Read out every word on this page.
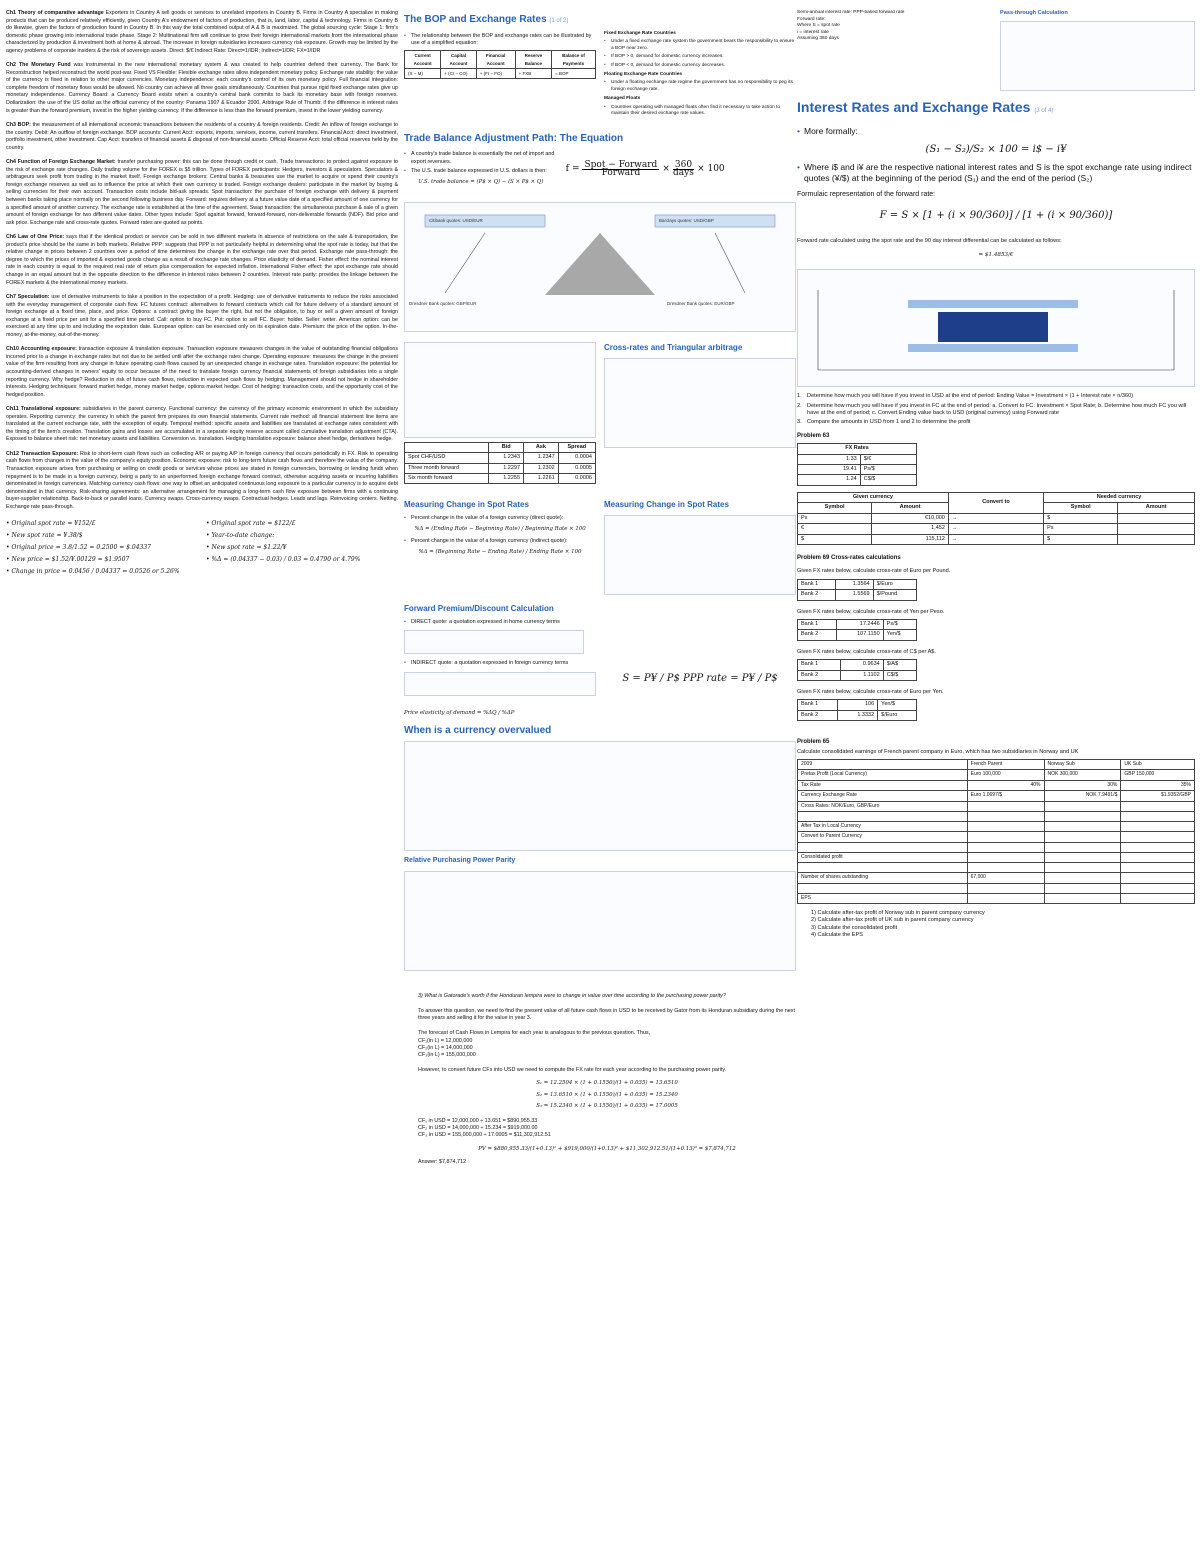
Ch1 Theory of comparative advantage Exporters in Country A sell goods or services to unrelated importers in Country B. Firms in Country A specialize in making products that can be produced relatively efficiently, given Country A's endowment of factors of production, that is, land, labor, capital & technology. Firms in Country B do likewise, given the factors of production found in Country B. In this way the total combined output of A & B is maximized. The global sourcing cycle: Stage 1: firm's domestic phase growing into international trade phase. Stage 2: Multinational firm will continue to grow their foreign international markets from the international phase characterized by production & investment both at home & abroad. The increase in foreign subsidiaries increases currency risk exposure. Growth may be limited by the agency problems of corporate insiders & the risk of sovereign assets. Direct: $/€ Indirect Rate: Direct=1/IDR; Indirect=1/DR; FX=1/IDR
Ch2 The Monetary Fund was instrumental in the new international monetary system & was created to help countries defend their currency. The Bank for Reconstruction helped reconstruct the world post-war. Fixed VS Flexible: Flexible exchange rates allow independent monetary policy. Exchange rate stability: the value of the currency is fixed in relation to other major currencies. Monetary independence: each country's control of its own monetary policy. Full financial integration: complete freedom of monetary flows would be allowed. No country can achieve all three goals simultaneously. Countries that pursue rigid fixed exchange rates give up monetary independence. Currency Board: a Currency Board exists when a country's central bank commits to back its monetary base with foreign reserves. Dollarization: the use of the US dollar as the official currency of the country: Panama 1907 & Ecuador 2000. Arbitrage Rule of Thumb: if the difference in interest rates is greater than the forward premium, invest in the higher yielding currency. If the difference is less than the forward premium, invest in the lower yielding currency.
Ch3 BOP: the measurement of all international economic transactions between the residents of a country & foreign residents. Credit: An inflow of foreign exchange to the country. Debit: An outflow of foreign exchange. BOP accounts: Current Acct: exports, imports, services, income, current transfers. Financial Acct: direct investment, portfolio investment, other investment. Cap Acct: transfers of financial assets & disposal of non-financial assets. Official Reserve Acct: total official reserves held by the country.
Ch4 Function of Foreign Exchange Market: transfer purchasing power: this can be done through credit or cash. Trade transactions: to protect against exposure to the risk of exchange rate changes. Daily trading volume for the FOREX is $5 trillion. Types of FOREX participants: Hedgers, investors & speculators. Speculators & arbitrageurs seek profit from trading in the market itself. Foreign exchange brokers: Central banks & treasuries use the market to acquire or spend their country's foreign exchange reserves as well as to influence the price at which their own currency is traded. Foreign exchange dealers: participate in the market by buying & selling currencies for their own account. Transaction costs include bid-ask spreads. Spot transaction: the purchase of foreign exchange with delivery & payment between banks taking place normally on the second following business day. Forward: requires delivery at a future value date of a specified amount of one currency for a specified amount of another currency. The exchange rate is established at the time of the agreement. Swap transaction: the simultaneous purchase & sale of a given amount of foreign exchange for two different value dates. Other types include: Spot against forward, forward-forward, non-deliverable forwards (NDF). Bid price and ask price. Exchange rate and cross-rate quotes. Forward rates are quoted as points.
Ch6 Law of One Price: says that if the identical product or service can be sold in two different markets in absence of restrictions on the sale & transportation, the product's price should be the same in both markets. Relative PPP: suggests that PPP is not particularly helpful in determining what the spot rate is today, but that the relative change in prices between 2 countries over a period of time determines the change in the exchange rate over that period. Exchange rate pass-through: the degree to which the prices of imported & exported goods change as a result of exchange rate changes. Price elasticity of demand. Fisher effect: the nominal interest rate in each country is equal to the required real rate of return plus compensation for expected inflation. International Fisher effect: the spot exchange rate should change in an equal amount but in the opposite direction to the difference in interest rates between 2 countries. Interest rate parity: provides the linkage between the FOREX markets & the international money markets.
Ch7 Speculation: use of derivative instruments to take a position in the expectation of a profit. Hedging: use of derivative instruments to reduce the risks associated with the everyday management of corporate cash flow. FC futures contract: alternatives to forward contracts which call for future delivery of a standard amount of foreign exchange at a fixed time, place, and price. Options: a contract giving the buyer the right, but not the obligation, to buy or sell a given amount of foreign exchange at a fixed price per unit for a specified time period. Call: option to buy FC. Put: option to sell FC. Buyer: holder. Seller: writer. American option: can be exercised at any time up to and including the expiration date. European option: can be exercised only on its expiration date. Premium: the price of the option. In-the-money, at-the-money, out-of-the-money.
Ch10 Accounting exposure: transaction exposure & translation exposure. Transaction exposure measures changes in the value of outstanding financial obligations incurred prior to a change in exchange rates but not due to be settled until after the exchange rates change. Operating exposure: measures the change in the present value of the firm resulting from any change in future operating cash flows caused by an unexpected change in exchange rates. Translation exposure: the potential for accounting-derived changes in owners' equity to occur because of the need to translate foreign currency financial statements of foreign subsidiaries into a single reporting currency. Why hedge? Reduction in risk of future cash flows, reduction in expected cash flows by hedging. Management should not hedge in shareholder interests. Hedging techniques: forward market hedge, money market hedge, options market hedge. Cost of hedging: transaction costs, and the opportunity cost of the hedged position.
Ch11 Translational exposure: subsidiaries in the parent currency. Functional currency: the currency of the primary economic environment in which the subsidiary operates. Reporting currency: the currency in which the parent firm prepares its own financial statements. Current rate method: all financial statement line items are translated at the current exchange rate, with the exception of equity. Temporal method: specific assets and liabilities are translated at exchange rates consistent with the timing of the item's creation. Translation gains and losses are accumulated in a separate equity reserve account called cumulative translation adjustment (CTA). Exposed to balance sheet risk: net monetary assets and liabilities. Conversion vs. translation. Hedging translation exposure: balance sheet hedge, derivatives hedge.
Ch12 Transaction Exposure: Risk to short-term cash flows such as collecting A/R or paying A/P in foreign currency that occurs periodically in FX. Risk to operating cash flows from changes in the value of the company's equity position. Economic exposure: risk to long-term future cash flows and therefore the value of the company. Transaction exposure arises from purchasing or selling on credit goods or services whose prices are stated in foreign currencies, borrowing or lending funds when repayment is to be made in a foreign currency, being a party to an unperformed foreign exchange forward contract, otherwise acquiring assets or incurring liabilities denominated in foreign currencies. Matching currency cash flows: one way to offset an anticipated continuous long exposure to a particular currency is to acquire debt denominated in that currency. Risk-sharing agreements: an alternative arrangement for managing a long-term cash flow exposure between firms with a continuing buyer-supplier relationship. Back-to-back or parallel loans. Currency swaps. Cross-currency swaps. Contractual hedges. Leads and lags. Reinvoicing centers. Netting. Exchange rate pass-through.
• Original spot rate = ¥152/£
• New spot rate = ¥.38/$
• Original price = 3.8/1.52 = 0.2500 = $.04337
• New price = $1.52/¥.00129 = $1.9507
• Change in price = 0.0456 / 0.04337 = 0.0526 or 5.26%
• Original spot rate = $122/£
• Year-to-date change:
• New spot rate = $1.22/¥
• %Δ = (0.04337 − 0.03) / 0.03 = 0.4790 or 4.79%
The BOP and Exchange Rates (1 of 2)
• The relationship between the BOP and exchange rates can be illustrated by use of a simplified equation:
Current Account	Capital Account	Financial Account	Reserve Balance	Balance of Payments
(X − M)	+ (CI − CO)	+ (FI − FO)	+ FXB	= BOP
Fixed Exchange Rate Countries
• Under a fixed exchange rate system the government bears the responsibility to ensure a BOP near zero.
• If BOP > 0, demand for domestic currency increases.
• If BOP < 0, demand for domestic currency decreases.
Floating Exchange Rate Countries
• Under a floating exchange rate regime the government has no responsibility to peg its foreign exchange rate.
Managed Floats
• Countries operating with managed floats often find it necessary to take action to maintain their desired exchange rate values.
Trade Balance Adjustment Path: The Equation
• A country's trade balance is essentially the net of import and export revenues.
• The U.S. trade balance expressed in U.S. dollars is then:
U.S. trade balance = (P$ × Q) − (S × P$ × Q)
f = Spot − Forward
Forward × 360
days × 100
Citibank quotes: USD/EUR	Barclays quotes: USD/GBP
Dresdner Bank quotes: GBP/EUR	Dresdner Bank quotes: EUR/GBP
	Bid	Ask	Spread
Spot CHF/USD	1.2343	1.2347	0.0004
Three month forward	1.2297	1.2302	0.0005
Six month forward	1.2255	1.2261	0.0006
Cross-rates and Triangular arbitrage
Measuring Change in Spot Rates
• Percent change in the value of a foreign currency (direct quote):
%Δ = (Ending Rate − Beginning Rate) / Beginning Rate × 100
• Percent change in the value of a foreign currency (indirect quote):
%Δ = (Beginning Rate − Ending Rate) / Ending Rate × 100
Measuring Change in Spot Rates
Forward Premium/Discount Calculation
• DIRECT quote: a quotation expressed in home currency terms
• INDIRECT quote: a quotation expressed in foreign currency terms
S = P¥ / P$ PPP rate = P¥ / P$
Price elasticity of demand = %ΔQ / %ΔP
When is a currency overvalued
Relative Purchasing Power Parity
3) What is Gatorade's worth if the Honduran lempira were to change in value over time according to the purchasing power parity?
To answer this question, we need to find the present value of all future cash flows in USD to be received by Gator from its Honduran subsidiary during the next three years and selling it for the value in year 3.
The forecast of Cash Flows in Lempira for each year is analogous to the previous question. Thus,
CF₁(in L) = 12,000,000
CF₂(in L) = 14,000,000
CF₃(in L) = 155,000,000
However, to convert future CFs into USD we need to compute the FX rate for each year according to the purchasing power parity.
S₁ = 12.2504 × (1 + 0.1550)/(1 + 0.035) = 13.6510
S₂ = 13.6510 × (1 + 0.1550)/(1 + 0.035) = 15.2340
S₃ = 15.2340 × (1 + 0.1550)/(1 + 0.035) = 17.0005
CF₁ in USD = 12,000,000 ÷ 13.651 = $890,955.33
CF₂ in USD = 14,000,000 ÷ 15.234 = $919,000.00
CF₃ in USD = 155,000,000 ÷ 17.0005 = $11,302,912.51
PV = $880,955.33/(1+0.13)¹ + $919,000/(1+0.13)² + $11,302,912.51/(1+0.13)³ = $7,874,712
Answer: $7,874,712
Semi-annual interest rate: PPP-based forward rate
Forward rate:
Where S = spot rate
i = interest rate
Assuming 360 days
Pass-through Calculation
Interest Rates and Exchange Rates (3 of 4)
• More formally:
(S₁ − S₂)/S₂ × 100 = i$ − i¥
• Where i$ and i¥ are the respective national interest rates and S is the spot exchange rate using indirect quotes (¥/$) at the beginning of the period (S₁) and the end of the period (S₂)
Formulaic representation of the forward rate:
F = S × [1 + (i × 90/360)] / [1 + (i × 90/360)]
Forward rate calculated using the spot rate and the 90 day interest differential can be calculated as follows:
= $1.4853/€
1. Determine how much you will have if you invest in USD at the end of period: Ending Value = Investment × (1 + Interest rate × n/360)
2. Determine how much you will have if you invest in FC at the end of period: a. Convert to FC: Investment × Spot Rate; b. Determine how much FC you will have at the end of period; c. Convert Ending value back to USD (original currency) using Forward rate
3. Compare the amounts in USD from 1 and 2 to determine the profit
Problem 63
FX Rates	
1.33	$/€
19.41	Ps/$
1.24	C$/$
Given currency		Convert to	Needed currency	
Symbol	Amount		Symbol	Amount
Ps	€10,000	→	$	
€	1,452	→	Ps	
$	115,112	→	$	
Problem 69 Cross-rates calculations
Given FX rates below, calculate cross-rate of Euro per Pound.
Bank 1	1.3564	$/Euro
Bank 2	1.5569	$/Pound
Given FX rates below, calculate cross-rate of Yen per Peso.
Bank 1	17.2446	Ps/$
Bank 2	107.1150	Yen/$
Given FX rates below, calculate cross-rate of C$ per A$.
Bank 1	0.9634	$/A$
Bank 2	1.1102	C$/$
Given FX rates below, calculate cross-rate of Euro per Yen.
Bank 1	106	Yen/$
Bank 2	1.3332	$/Euro
Problem 65
Calculate consolidated earnings of French parent company in Euro, which has two subsidiaries in Norway and UK
2009	French Parent	Norway Sub	UK Sub
Pretax Profit (Local Currency)	Euro 100,000	NOK 300,000	GBP 150,000
Tax Rate	40%	30%	35%
Currency Exchange Rate	Euro 1.0697/$	NOK 7.9491/$	$1.9352/GBP
Cross Rates: NOK/Euro, GBP/Euro			

After Tax in Local Currency			
Convert to Parent Currency			

Consolidated profit			

Number of shares outstanding	67,000		

EPS			
1) Calculate after-tax profit of Norway sub in parent company currency
2) Calculate after-tax profit of UK sub in parent company currency
3) Calculate the consolidated profit
4) Calculate the EPS
